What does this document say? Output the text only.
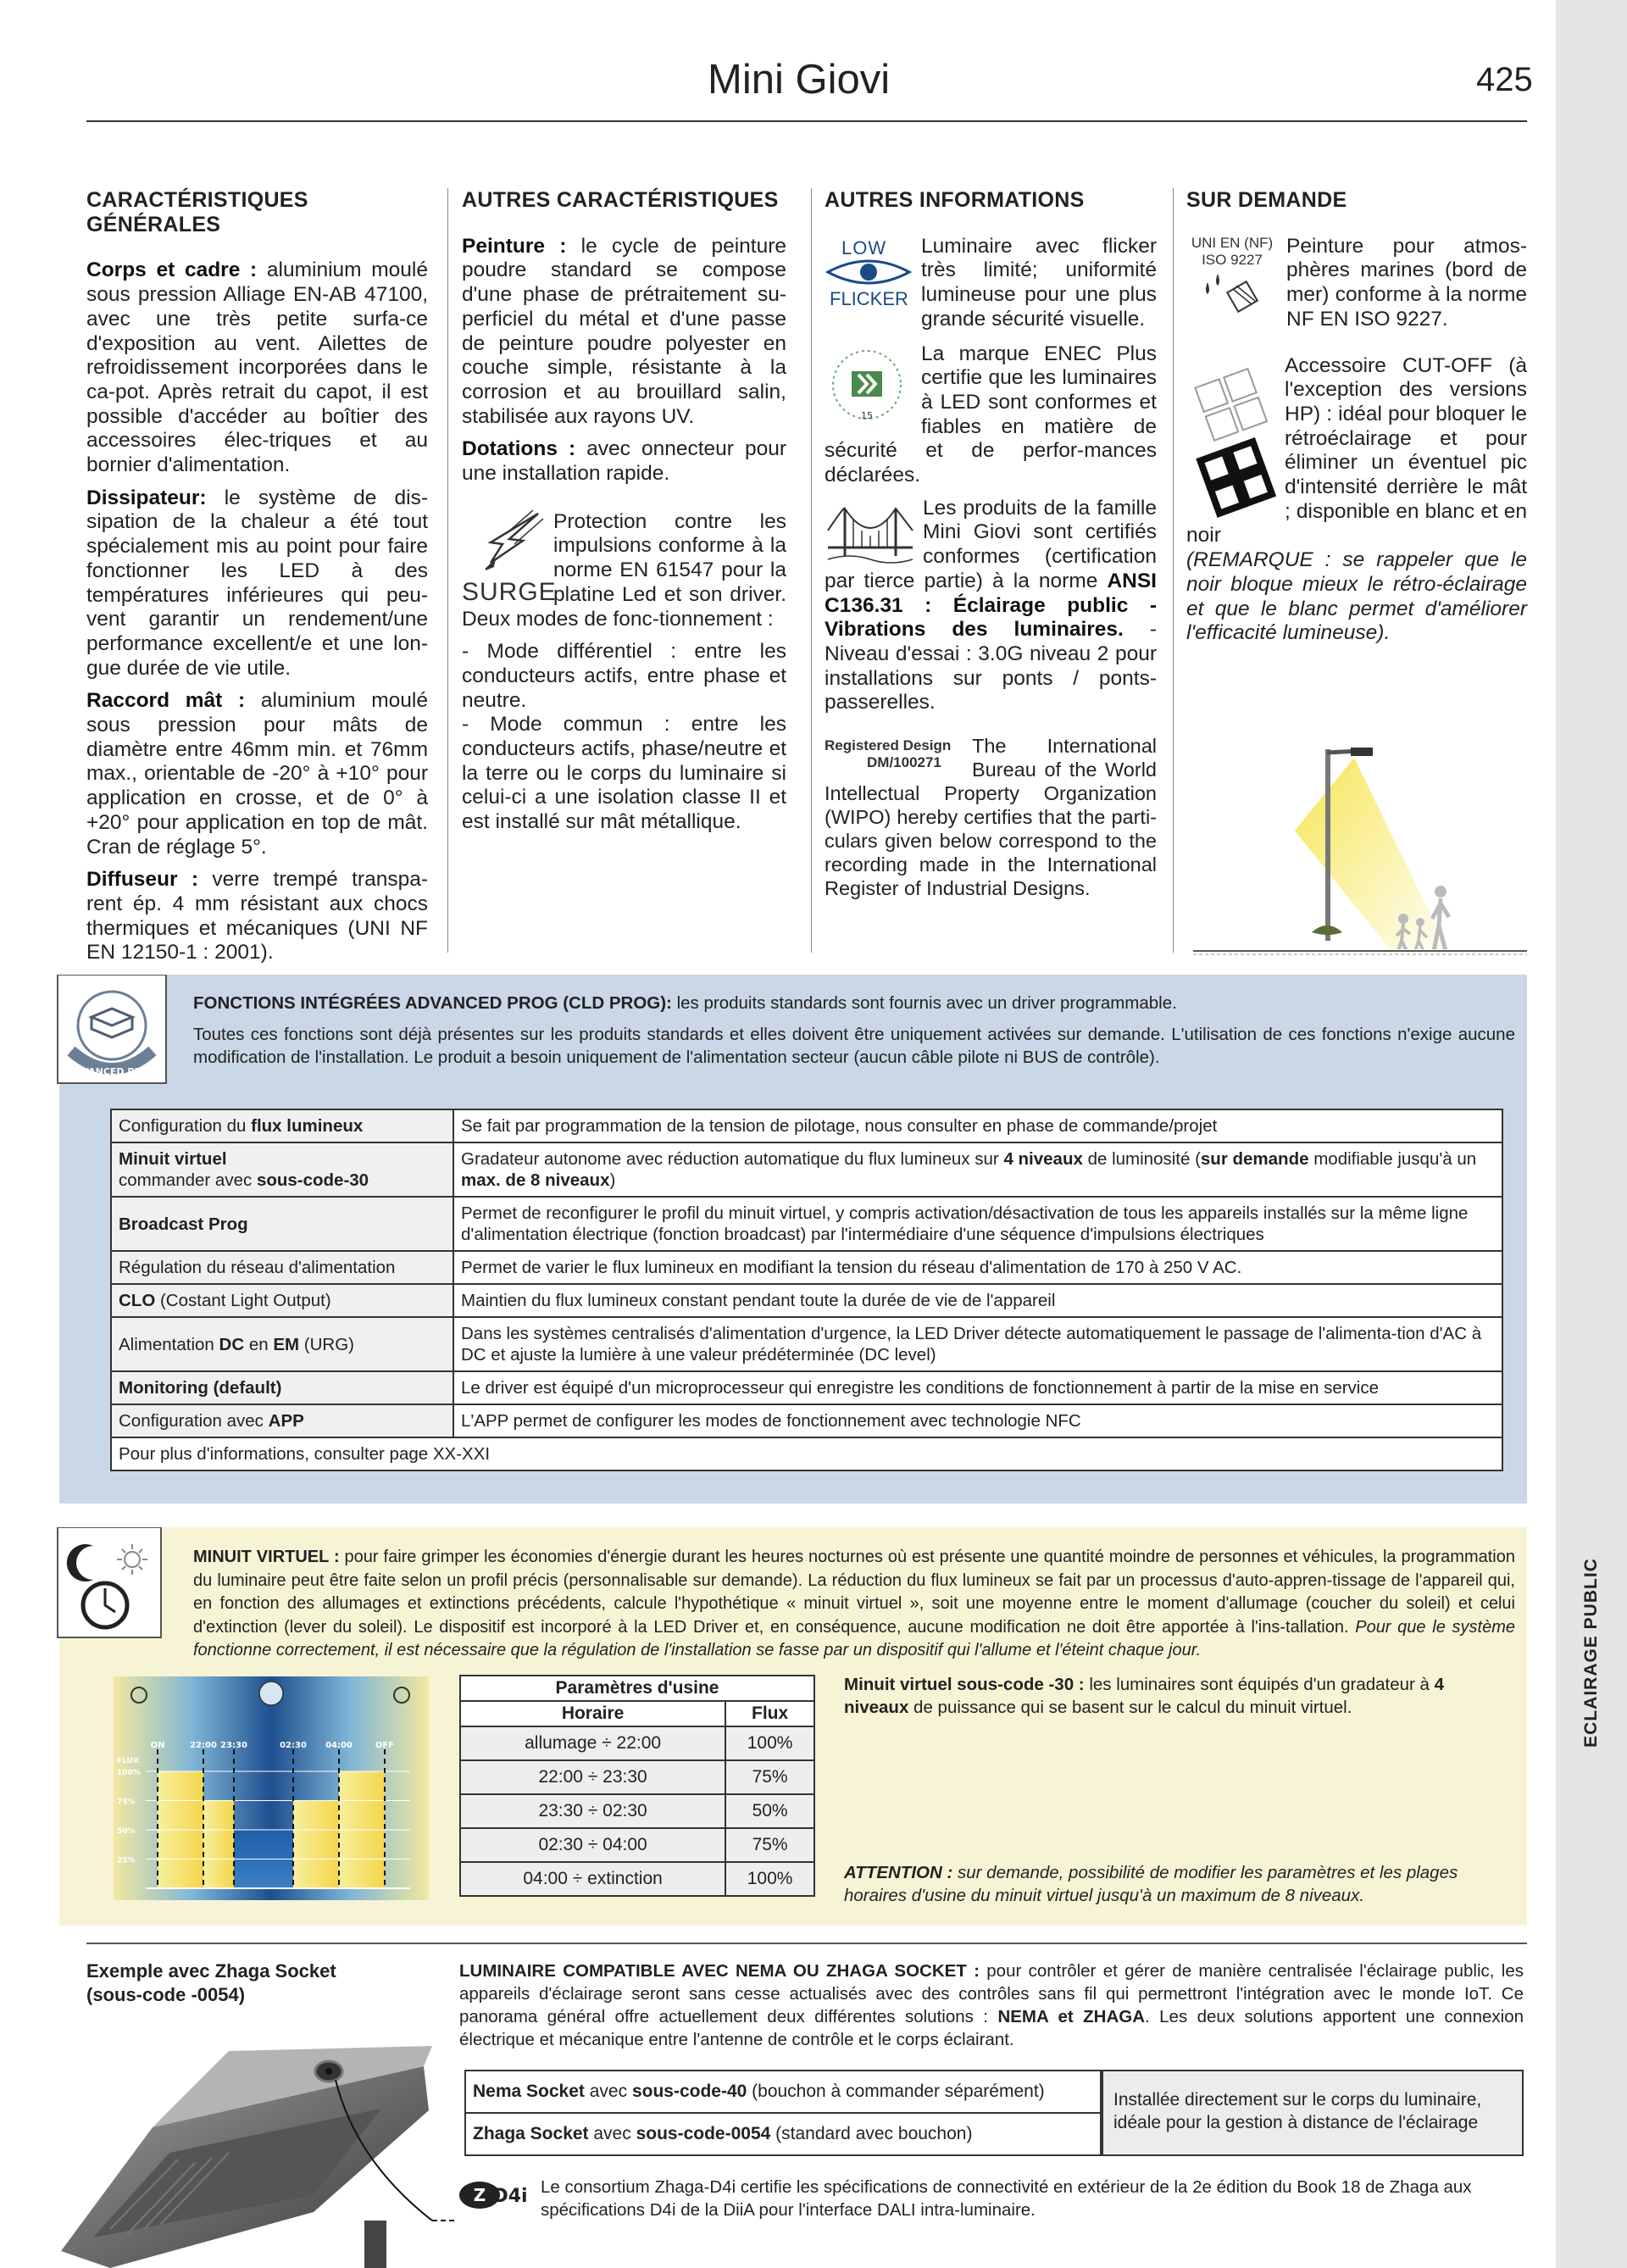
ECLAIRAGE PUBLIC
Mini Giovi	425
CARACTÉRISTIQUES GÉNÉRALES

Corps et cadre : aluminium moulé sous pression Alliage EN-AB 47100, avec une très petite surfa-ce d'exposition au vent. Ailettes de refroidissement incorporées dans le ca-pot. Après retrait du capot, il est possible d'accéder au boîtier des accessoires élec-triques et au bornier d'alimentation.

Dissipateur: le système de dis-sipation de la chaleur a été tout spécialement mis au point pour faire fonctionner les LED à des températures inférieures qui peu-vent garantir un rendement/une performance excellent/e et une lon-gue durée de vie utile.

Raccord mât : aluminium moulé sous pression pour mâts de diamètre entre 46mm min. et 76mm max., orientable de -20° à +10° pour application en crosse, et de 0° à +20° pour application en top de mât. Cran de réglage 5°.

Diffuseur : verre trempé transpa-rent ép. 4 mm résistant aux chocs thermiques et mécaniques (UNI NF EN 12150-1 : 2001).

AUTRES CARACTÉRISTIQUES

Peinture : le cycle de peinture poudre standard se compose d'une phase de prétraitement su-perficiel du métal et d'une passe de peinture poudre polyester en couche simple, résistante à la corrosion et au brouillard salin, stabilisée aux rayons UV.

Dotations : avec onnecteur pour une installation rapide.

SURGE

Protection contre les impulsions conforme à la norme EN 61547 pour la platine Led et son driver. Deux modes de fonc-tionnement :

- Mode différentiel : entre les conducteurs actifs, entre phase et neutre.

- Mode commun : entre les conducteurs actifs, phase/neutre et la terre ou le corps du luminaire si celui-ci a une isolation classe II et est installé sur mât métallique.

AUTRES INFORMATIONS
LOW
FLICKER
Luminaire avec flicker très limité; uniformité lumineuse pour une plus grande sécurité visuelle.
15

La marque ENEC Plus certifie que les luminaires à LED sont conformes et fiables en matière de sécurité et de perfor-mances déclarées.

Les produits de la famille Mini Giovi sont certifiés conformes (certification par tierce partie) à la norme ANSI C136.31 : Éclairage public - Vibrations des luminaires. - Niveau d'essai : 3.0G niveau 2 pour installations sur ponts / ponts-passerelles.

Registered Design
DM/100271

The International Bureau of the World Intellectual Property Organization (WIPO) hereby certifies that the parti-culars given below correspond to the recording made in the International Register of Industrial Designs.

SUR DEMANDE
UNI EN (NF)
ISO 9227
Peinture pour atmos-phères marines (bord de mer) conforme à la norme NF EN ISO 9227.

Accessoire CUT-OFF (à l'exception des versions HP) : idéal pour bloquer le rétroéclairage et pour éliminer un éventuel pic d'intensité derrière le mât ; disponible en blanc et en noir

(REMARQUE : se rappeler que le noir bloque mieux le rétro-éclairage et que le blanc permet d'améliorer l'efficacité lumineuse).

ADVANCED PROG

FONCTIONS INTÉGRÉES ADVANCED PROG (CLD PROG): les produits standards sont fournis avec un driver programmable.

Toutes ces fonctions sont déjà présentes sur les produits standards et elles doivent être uniquement activées sur demande. L'utilisation de ces fonctions n'exige aucune modification de l'installation. Le produit a besoin uniquement de l'alimentation secteur (aucun câble pilote ni BUS de contrôle).

Configuration du flux lumineux	Se fait par programmation de la tension de pilotage, nous consulter en phase de commande/projet
Minuit virtuel
commander avec sous-code-30	Gradateur autonome avec réduction automatique du flux lumineux sur 4 niveaux de luminosité (sur demande modifiable jusqu'à un max. de 8 niveaux)
Broadcast Prog	Permet de reconfigurer le profil du minuit virtuel, y compris activation/désactivation de tous les appareils installés sur la même ligne d'alimentation électrique (fonction broadcast) par l'intermédiaire d'une séquence d'impulsions électriques
Régulation du réseau d'alimentation	Permet de varier le flux lumineux en modifiant la tension du réseau d'alimentation de 170 à 250 V AC.
CLO (Costant Light Output)	Maintien du flux lumineux constant pendant toute la durée de vie de l'appareil
Alimentation DC en EM (URG)	Dans les systèmes centralisés d'alimentation d'urgence, la LED Driver détecte automatiquement le passage de l'alimenta-tion d'AC à DC et ajuste la lumière à une valeur prédéterminée (DC level)
Monitoring (default)	Le driver est équipé d'un microprocesseur qui enregistre les conditions de fonctionnement à partir de la mise en service
Configuration avec APP	L'APP permet de configurer les modes de fonctionnement avec technologie NFC
Pour plus d'informations, consulter page XX-XXI	
MINUIT VIRTUEL : pour faire grimper les économies d'énergie durant les heures nocturnes où est présente une quantité moindre de personnes et véhicules, la programmation du luminaire peut être faite selon un profil précis (personnalisable sur demande). La réduction du flux lumineux se fait par un processus d'auto-appren-tissage de l'appareil qui, en fonction des allumages et extinctions précédents, calcule l'hypothétique « minuit virtuel », soit une moyenne entre le moment d'allumage (coucher du soleil) et celui d'extinction (lever du soleil). Le dispositif est incorporé à la LED Driver et, en conséquence, aucune modification ne doit être apportée à l'ins-tallation. Pour que le système fonctionne correctement, il est nécessaire que la régulation de l'installation se fasse par un dispositif qui l'allume et l'éteint chaque jour.
100%
75%
50%
25%
FLUX
ON	22:00 23:30	02:30 04:00	OFF
Paramètres d'usine	
Horaire	Flux
allumage ÷ 22:00	100%
22:00 ÷ 23:30	75%
23:30 ÷ 02:30	50%
02:30 ÷ 04:00	75%
04:00 ÷ extinction	100%
Minuit virtuel sous-code -30 : les luminaires sont équipés d'un gradateur à 4 niveaux de puissance qui se basent sur le calcul du minuit virtuel.
ATTENTION : sur demande, possibilité de modifier les paramètres et les plages horaires d'usine du minuit virtuel jusqu'à un maximum de 8 niveaux.
Exemple avec Zhaga Socket (sous-code -0054)
LUMINAIRE COMPATIBLE AVEC NEMA OU ZHAGA SOCKET : pour contrôler et gérer de manière centralisée l'éclairage public, les appareils d'éclairage seront sans cesse actualisés avec des contrôles sans fil qui permettront l'intégration avec le monde IoT. Ce panorama général offre actuellement deux différentes solutions : NEMA et ZHAGA. Les deux solutions apportent une connexion électrique et mécanique entre l'antenne de contrôle et le corps éclairant.
Nema Socket avec sous-code-40 (bouchon à commander séparément)
Zhaga Socket avec sous-code-0054 (standard avec bouchon)
Installée directement sur le corps du luminaire, idéale pour la gestion à distance de l'éclairage
Z D4i Le consortium Zhaga-D4i certifie les spécifications de connectivité en extérieur de la 2e édition du Book 18 de Zhaga aux spécifications D4i de la DiiA pour l'interface DALI intra-luminaire.
